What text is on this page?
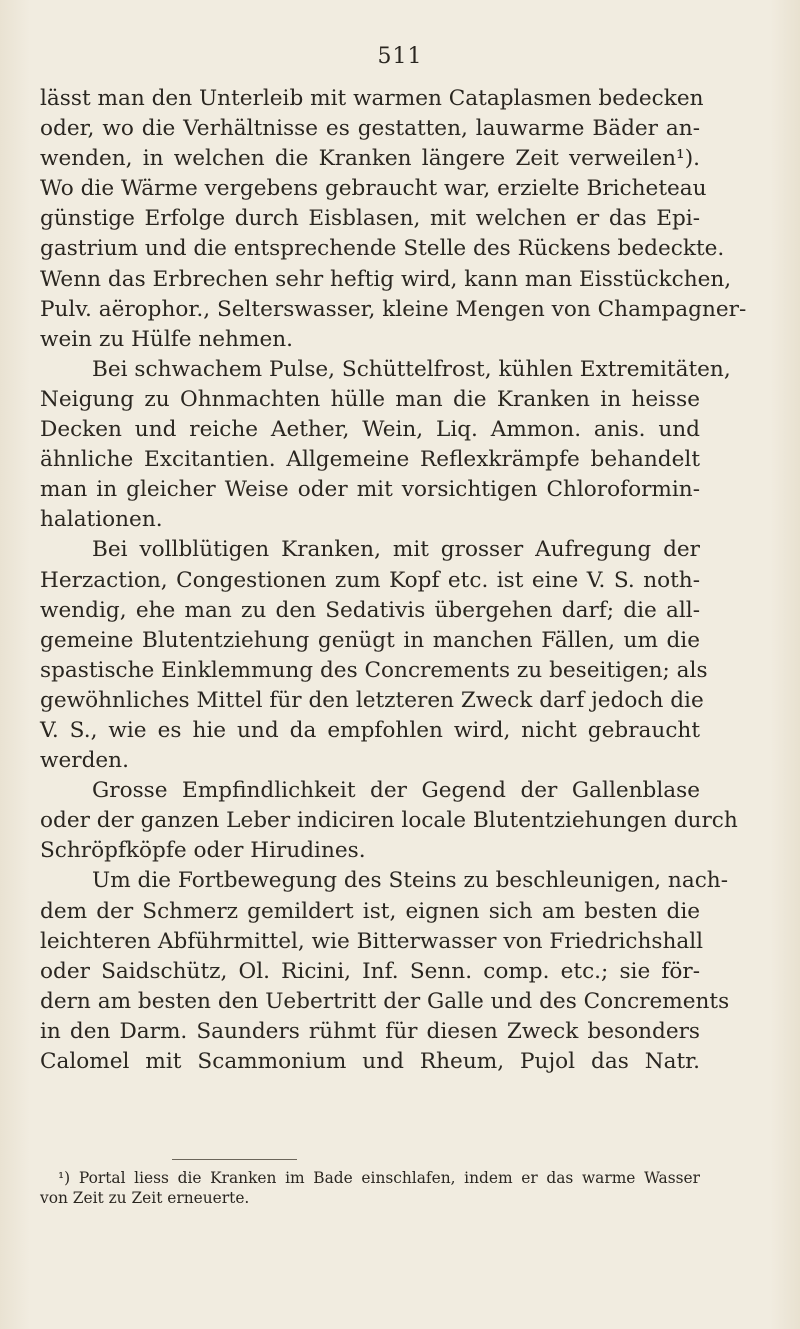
511
lässt man den Unterleib mit warmen Cataplasmen bedecken
oder, wo die Verhältnisse es gestatten, lauwarme Bäder an-
wenden, in welchen die Kranken längere Zeit verweilen¹).
Wo die Wärme vergebens gebraucht war, erzielte Bricheteau
günstige Erfolge durch Eisblasen, mit welchen er das Epi-
gastrium und die entsprechende Stelle des Rückens bedeckte.
Wenn das Erbrechen sehr heftig wird, kann man Eisstückchen,
Pulv. aërophor., Selterswasser, kleine Mengen von Champagner-
wein zu Hülfe nehmen.
Bei schwachem Pulse, Schüttelfrost, kühlen Extremitäten,
Neigung zu Ohnmachten hülle man die Kranken in heisse
Decken und reiche Aether, Wein, Liq. Ammon. anis. und
ähnliche Excitantien. Allgemeine Reflexkrämpfe behandelt
man in gleicher Weise oder mit vorsichtigen Chloroformin-
halationen.
Bei vollblütigen Kranken, mit grosser Aufregung der
Herzaction, Congestionen zum Kopf etc. ist eine V. S. noth-
wendig, ehe man zu den Sedativis übergehen darf; die all-
gemeine Blutentziehung genügt in manchen Fällen, um die
spastische Einklemmung des Concrements zu beseitigen; als
gewöhnliches Mittel für den letzteren Zweck darf jedoch die
V. S., wie es hie und da empfohlen wird, nicht gebraucht
werden.
Grosse Empfindlichkeit der Gegend der Gallenblase
oder der ganzen Leber indiciren locale Blutentziehungen durch
Schröpfköpfe oder Hirudines.
Um die Fortbewegung des Steins zu beschleunigen, nach-
dem der Schmerz gemildert ist, eignen sich am besten die
leichteren Abführmittel, wie Bitterwasser von Friedrichshall
oder Saidschütz, Ol. Ricini, Inf. Senn. comp. etc.; sie för-
dern am besten den Uebertritt der Galle und des Concrements
in den Darm. Saunders rühmt für diesen Zweck besonders
Calomel mit Scammonium und Rheum, Pujol das Natr.
¹) Portal liess die Kranken im Bade einschlafen, indem er das warme Wasser
von Zeit zu Zeit erneuerte.
